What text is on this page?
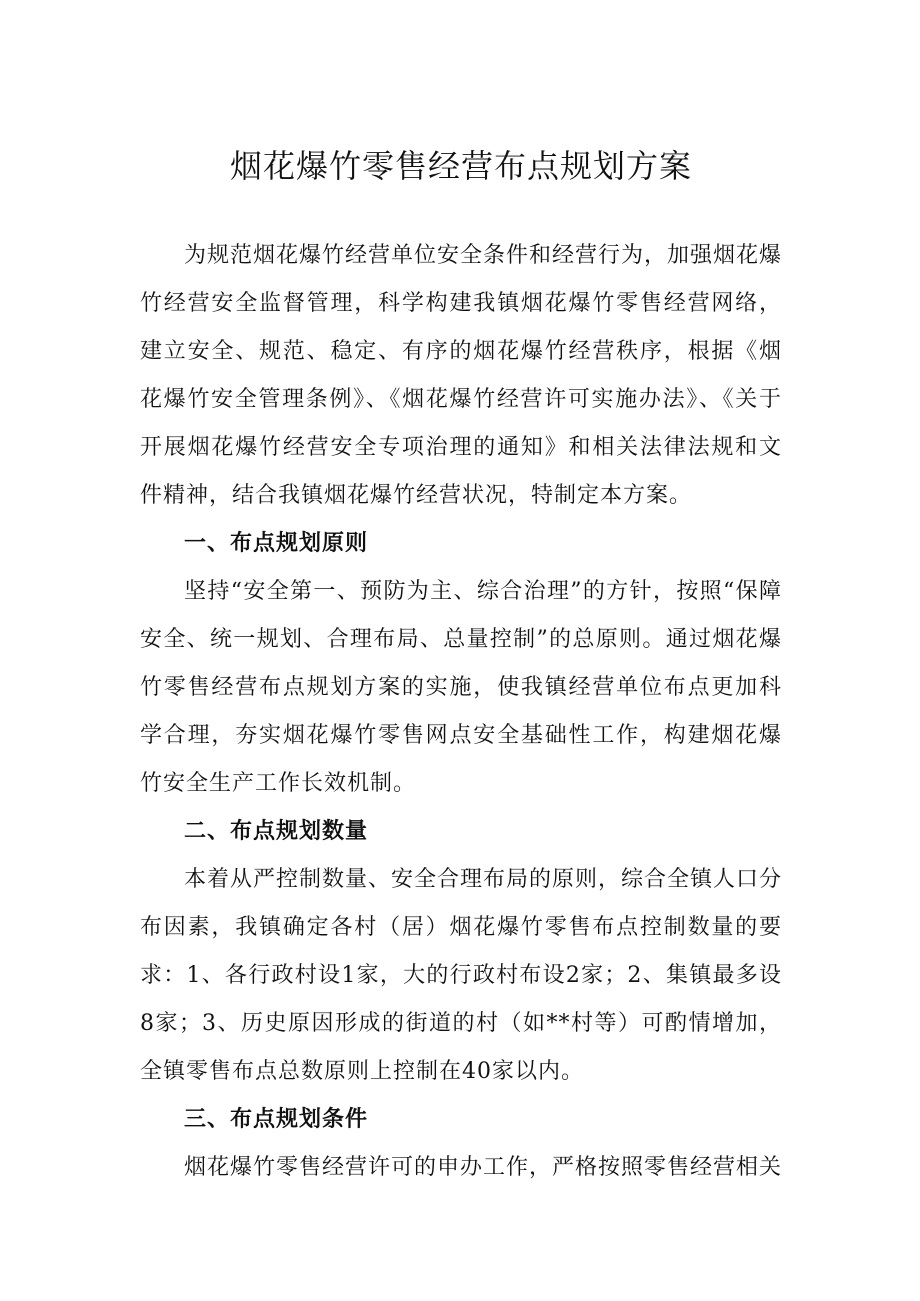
烟花爆竹零售经营布点规划方案

为规范烟花爆竹经营单位安全条件和经营行为，加强烟花爆竹经营安全监督管理，科学构建我镇烟花爆竹零售经营网络，建立安全、规范、稳定、有序的烟花爆竹经营秩序，根据《烟花爆竹安全管理条例》、《烟花爆竹经营许可实施办法》、《关于开展烟花爆竹经营安全专项治理的通知》和相关法律法规和文件精神，结合我镇烟花爆竹经营状况，特制定本方案。

一、布点规划原则

坚持“安全第一、预防为主、综合治理”的方针，按照“保障安全、统一规划、合理布局、总量控制”的总原则。通过烟花爆竹零售经营布点规划方案的实施，使我镇经营单位布点更加科学合理，夯实烟花爆竹零售网点安全基础性工作，构建烟花爆竹安全生产工作长效机制。

二、布点规划数量

本着从严控制数量、安全合理布局的原则，综合全镇人口分布因素，我镇确定各村（居）烟花爆竹零售布点控制数量的要求：1、各行政村设1家，大的行政村布设2家；2、集镇最多设8家；3、历史原因形成的街道的村（如**村等）可酌情增加，全镇零售布点总数原则上控制在40家以内。

三、布点规划条件

烟花爆竹零售经营许可的申办工作，严格按照零售经营相关
